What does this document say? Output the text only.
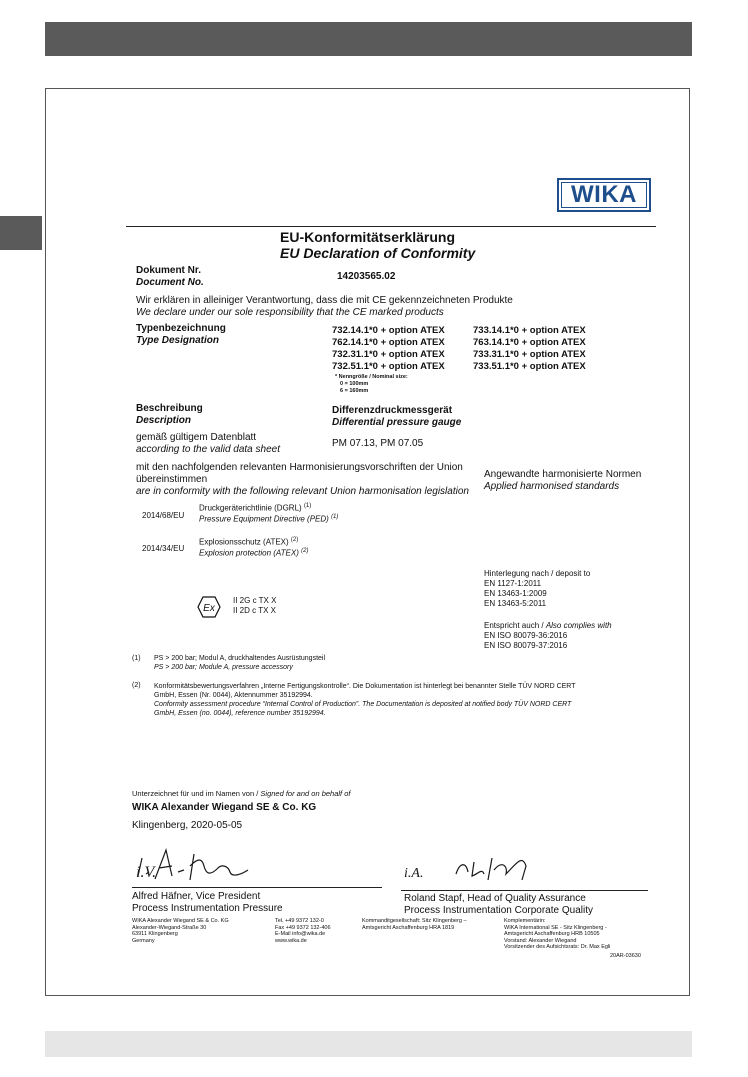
WIKA
EU-Konformitätserklärung
EU Declaration of Conformity
Dokument Nr.
Document No.
14203565.02
Wir erklären in alleiniger Verantwortung, dass die mit CE gekennzeichneten Produkte
We declare under our sole responsibility that the CE marked products
Typenbezeichnung
Type Designation
732.14.1*0 + option ATEX
762.14.1*0 + option ATEX
732.31.1*0 + option ATEX
732.51.1*0 + option ATEX
733.14.1*0 + option ATEX
763.14.1*0 + option ATEX
733.31.1*0 + option ATEX
733.51.1*0 + option ATEX
* Nenngröße / Nominal size:
0 = 100mm
6 = 160mm
Beschreibung
Description
Differenzdruckmessgerät
Differential pressure gauge
gemäß gültigem Datenblatt
according to the valid data sheet
PM 07.13, PM 07.05
mit den nachfolgenden relevanten Harmonisierungsvorschriften der Union
übereinstimmen
are in conformity with the following relevant Union harmonisation legislation
Angewandte harmonisierte Normen
Applied harmonised standards
2014/68/EU
Druckgeräterichtlinie (DGRL) $^{(1)}$
Pressure Equipment Directive (PED) $^{(1)}$
2014/34/EU
Explosionsschutz (ATEX) $^{(2)}$
Explosion protection (ATEX) $^{(2)}$
Ex
II 2G c TX X
II 2D c TX X
Hinterlegung nach / deposit to
EN 1127-1:2011
EN 13463-1:2009
EN 13463-5:2011
Entspricht auch / Also complies with
EN ISO 80079-36:2016
EN ISO 80079-37:2016
(1) PS > 200 bar; Modul A, druckhaltendes Ausrüstungsteil
PS > 200 bar; Module A, pressure accessory
(2) Konformitätsbewertungsverfahren „Interne Fertigungskontrolle“. Die Dokumentation ist hinterlegt bei benannter Stelle TÜV NORD CERT
GmbH, Essen (Nr. 0044), Aktennummer 35192994.
Conformity assessment procedure “Internal Control of Production”. The Documentation is deposited at notified body TÜV NORD CERT
GmbH, Essen (no. 0044), reference number 35192994.
Unterzeichnet für und im Namen von / Signed for and on behalf of
WIKA Alexander Wiegand SE & Co. KG
Klingenberg, 2020-05-05
i.V.	i.A.
Alfred Häfner, Vice President
Process Instrumentation Pressure
Roland Stapf, Head of Quality Assurance
Process Instrumentation Corporate Quality
WIKA Alexander Wiegand SE & Co. KG
Alexander-Wiegand-Straße 30
63911 Klingenberg
Germany
Tel. +49 9372 132-0
Fax +49 9372 132-406
E-Mail info@wika.de
www.wika.de
Kommanditgesellschaft: Sitz Klingenberg –
Amtsgericht Aschaffenburg HRA 1819
Komplementärin:
WIKA International SE - Sitz Klingenberg -
Amtsgericht Aschaffenburg HRB 10505
Vorstand: Alexander Wiegand
Vorsitzender des Aufsichtsrats: Dr. Max Egli
20AR-03630
